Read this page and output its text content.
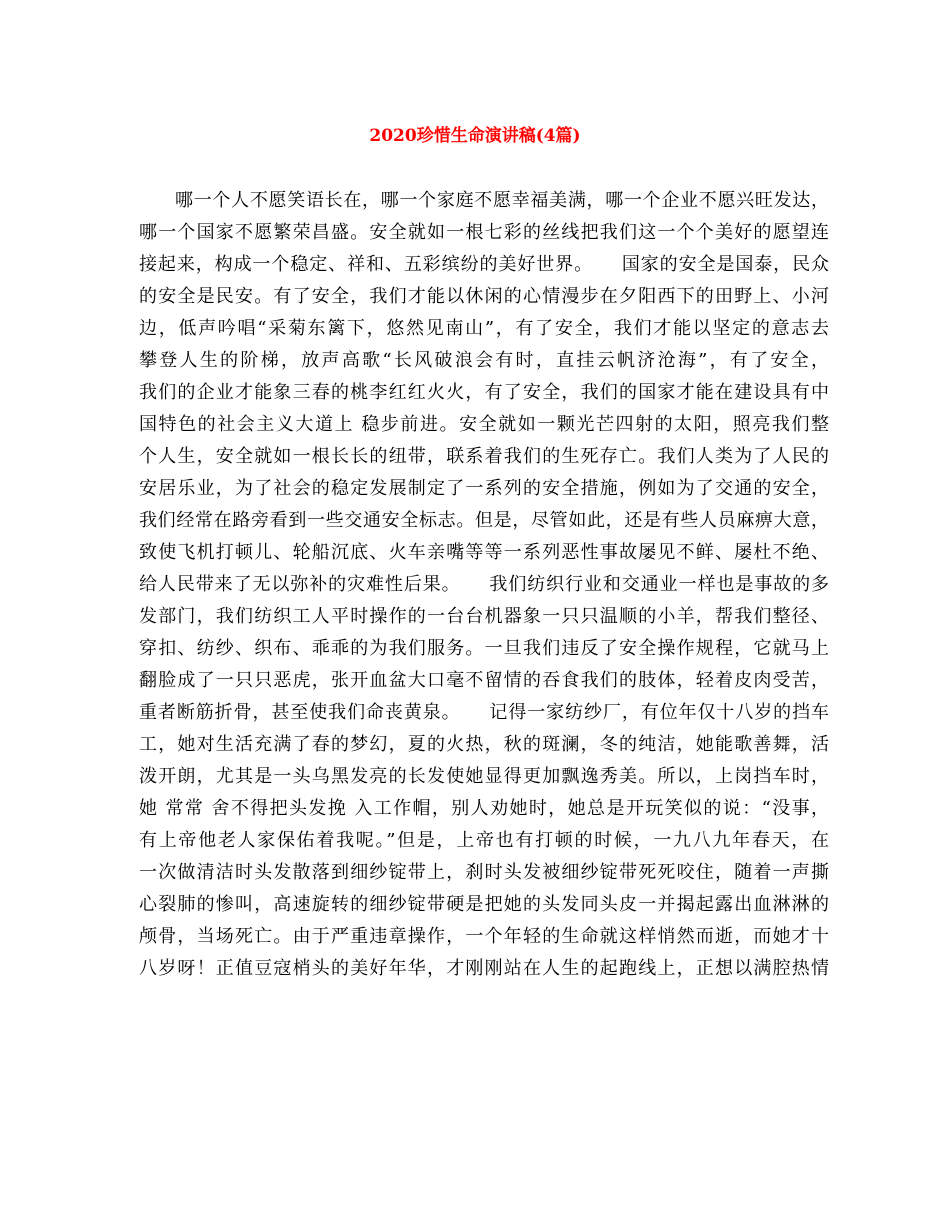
2020珍惜生命演讲稿(4篇)
哪一个人不愿笑语长在，哪一个家庭不愿幸福美满，哪一个企业不愿兴旺发达，
哪一个国家不愿繁荣昌盛。安全就如一根七彩的丝线把我们这一个个美好的愿望连
接起来，构成一个稳定、祥和、五彩缤纷的美好世界。　　国家的安全是国泰，民众
的安全是民安。有了安全，我们才能以休闲的心情漫步在夕阳西下的田野上、小河
边，低声吟唱“采菊东篱下，悠然见南山”，有了安全，我们才能以坚定的意志去
攀登人生的阶梯，放声高歌“长风破浪会有时，直挂云帆济沧海”，有了安全，
我们的企业才能象三春的桃李红红火火，有了安全，我们的国家才能在建设具有中
国特色的社会主义大道上 稳步前进。安全就如一颗光芒四射的太阳，照亮我们整
个人生，安全就如一根长长的纽带，联系着我们的生死存亡。我们人类为了人民的
安居乐业，为了社会的稳定发展制定了一系列的安全措施，例如为了交通的安全，
我们经常在路旁看到一些交通安全标志。但是，尽管如此，还是有些人员麻痹大意，
致使飞机打顿儿、轮船沉底、火车亲嘴等等一系列恶性事故屡见不鲜、屡杜不绝、
给人民带来了无以弥补的灾难性后果。　　我们纺织行业和交通业一样也是事故的多
发部门，我们纺织工人平时操作的一台台机器象一只只温顺的小羊，帮我们整径、
穿扣、纺纱、织布、乖乖的为我们服务。一旦我们违反了安全操作规程，它就马上
翻脸成了一只只恶虎，张开血盆大口毫不留情的吞食我们的肢体，轻着皮肉受苦，
重者断筋折骨，甚至使我们命丧黄泉。　　记得一家纺纱厂，有位年仅十八岁的挡车
工，她对生活充满了春的梦幻，夏的火热，秋的斑澜，冬的纯洁，她能歌善舞，活
泼开朗，尤其是一头乌黑发亮的长发使她显得更加飘逸秀美。所以，上岗挡车时，
她 常常 舍不得把头发挽 入工作帽，别人劝她时，她总是开玩笑似的说：“没事，
有上帝他老人家保佑着我呢。”但是，上帝也有打顿的时候，一九八九年春天，在
一次做清洁时头发散落到细纱锭带上，刹时头发被细纱锭带死死咬住，随着一声撕
心裂肺的惨叫，高速旋转的细纱锭带硬是把她的头发同头皮一并揭起露出血淋淋的
颅骨，当场死亡。由于严重违章操作，一个年轻的生命就这样悄然而逝，而她才十
八岁呀！正值豆寇梢头的美好年华，才刚刚站在人生的起跑线上，正想以满腔热情
